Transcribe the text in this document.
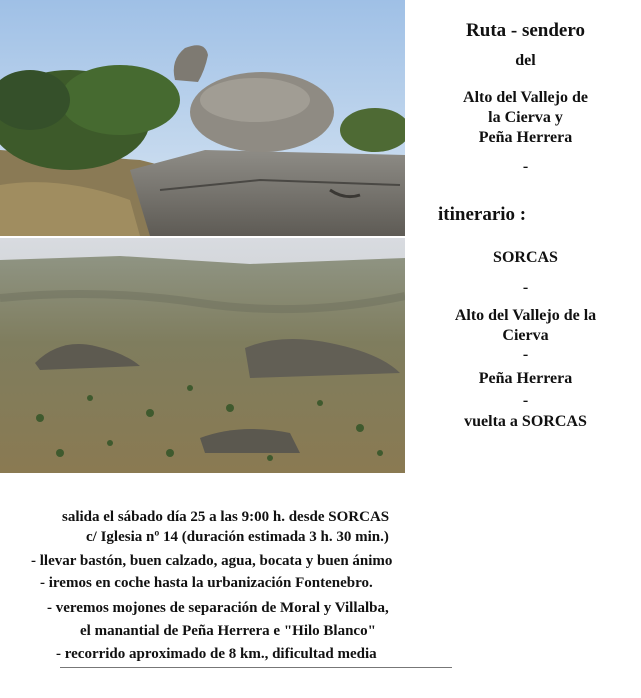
Ruta - sendero
del
Alto del Vallejo de
la Cierva y
Peña Herrera
-
itinerario :
SORCAS
-
Alto del Vallejo de la
Cierva
-
Peña Herrera
-
vuelta a SORCAS
salida el sábado día 25 a las 9:00 h. desde SORCAS
c/ Iglesia nº 14 (duración estimada 3 h. 30 min.)
- llevar bastón, buen calzado, agua, bocata y buen ánimo
- iremos en coche hasta la urbanización Fontenebro.
- veremos mojones de separación de Moral y Villalba,
el manantial de Peña Herrera e "Hilo Blanco"
- recorrido aproximado de 8 km., dificultad media
